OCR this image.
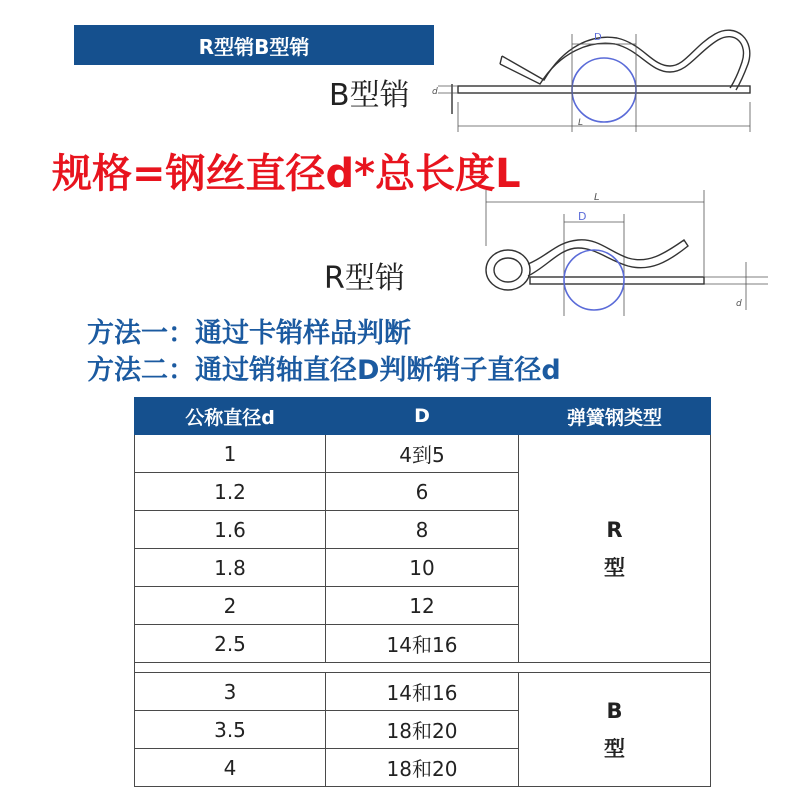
R型销B型销	D
d
L
B型销
规格=钢丝直径d*总长度L
L
D
d
R型销
方法一：通过卡销样品判断
方法二：通过销轴直径D判断销子直径d
公称直径d	D	弹簧钢类型
1	4到5	R
型

1.2	6	
1.6	8	
1.8	10	
2	12	
2.5	14和16	

3	14和16	B
型

3.5	18和20	
4	18和20	
